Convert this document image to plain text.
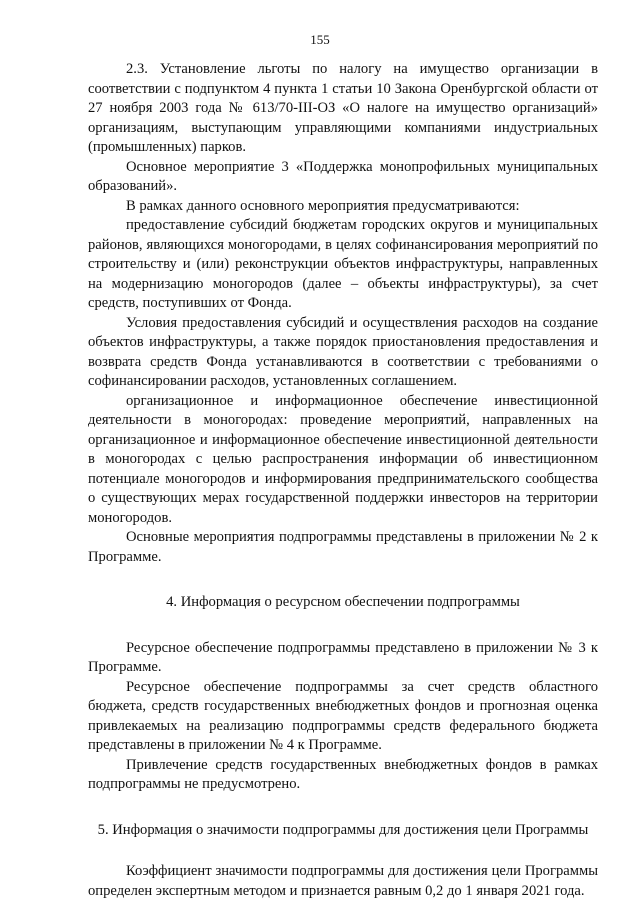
155

2.3. Установление льготы по налогу на имущество организации в соответствии с подпунктом 4 пункта 1 статьи 10 Закона Оренбургской области от 27 ноября 2003 года № 613/70-III-ОЗ «О налоге на имущество организаций» организациям, выступающим управляющими компаниями индустриальных (промышленных) парков.

Основное мероприятие 3 «Поддержка монопрофильных муниципальных образований».

В рамках данного основного мероприятия предусматриваются:

предоставление субсидий бюджетам городских округов и муниципальных районов, являющихся моногородами, в целях софинансирования мероприятий по строительству и (или) реконструкции объектов инфраструктуры, направленных на модернизацию моногородов (далее – объекты инфраструктуры), за счет средств, поступивших от Фонда.

Условия предоставления субсидий и осуществления расходов на создание объектов инфраструктуры, а также порядок приостановления предоставления и возврата средств Фонда устанавливаются в соответствии с требованиями о софинансировании расходов, установленных соглашением.

организационное и информационное обеспечение инвестиционной деятельности в моногородах: проведение мероприятий, направленных на организационное и информационное обеспечение инвестиционной деятельности в моногородах с целью распространения информации об инвестиционном потенциале моногородов и информирования предпринимательского сообщества о существующих мерах государственной поддержки инвесторов на территории моногородов.

Основные мероприятия подпрограммы представлены в приложении № 2 к Программе.

4. Информация о ресурсном обеспечении подпрограммы

Ресурсное обеспечение подпрограммы представлено в приложении № 3 к Программе.

Ресурсное обеспечение подпрограммы за счет средств областного бюджета, средств государственных внебюджетных фондов и прогнозная оценка привлекаемых на реализацию подпрограммы средств федерального бюджета представлены в приложении № 4 к Программе.

Привлечение средств государственных внебюджетных фондов в рамках подпрограммы не предусмотрено.

5. Информация о значимости подпрограммы для достижения цели Программы

Коэффициент значимости подпрограммы для достижения цели Программы определен экспертным методом и признается равным 0,2 до 1 января 2021 года.
